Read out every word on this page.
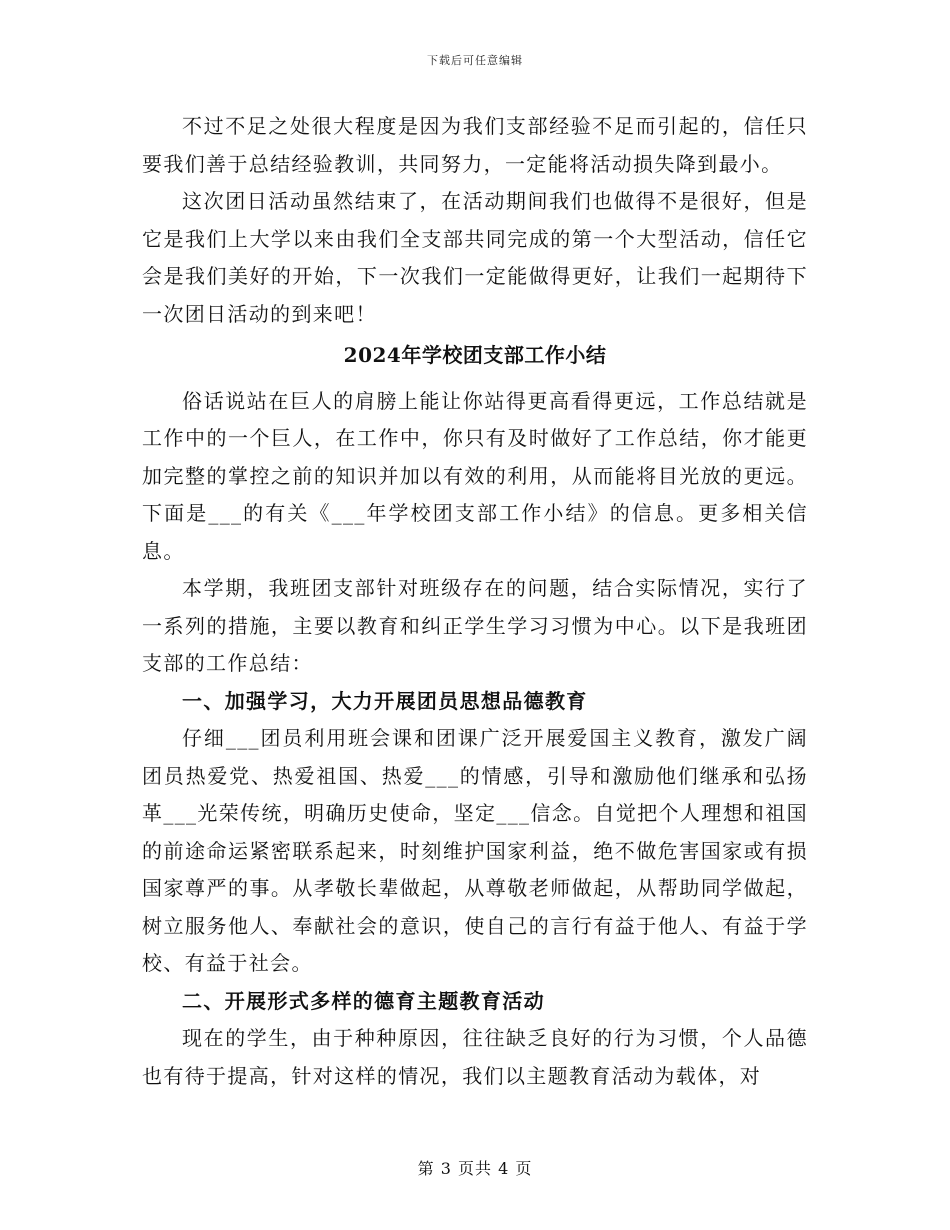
下载后可任意编辑

不过不足之处很大程度是因为我们支部经验不足而引起的，信任只要我们善于总结经验教训，共同努力，一定能将活动损失降到最小。

这次团日活动虽然结束了，在活动期间我们也做得不是很好，但是它是我们上大学以来由我们全支部共同完成的第一个大型活动，信任它会是我们美好的开始，下一次我们一定能做得更好，让我们一起期待下一次团日活动的到来吧！

2024年学校团支部工作小结

俗话说站在巨人的肩膀上能让你站得更高看得更远，工作总结就是工作中的一个巨人，在工作中，你只有及时做好了工作总结，你才能更加完整的掌控之前的知识并加以有效的利用，从而能将目光放的更远。下面是___的有关《___年学校团支部工作小结》的信息。更多相关信息。

本学期，我班团支部针对班级存在的问题，结合实际情况，实行了一系列的措施，主要以教育和纠正学生学习习惯为中心。以下是我班团支部的工作总结：

一、加强学习，大力开展团员思想品德教育

仔细___团员利用班会课和团课广泛开展爱国主义教育，激发广阔团员热爱党、热爱祖国、热爱___的情感，引导和激励他们继承和弘扬革___光荣传统，明确历史使命，坚定___信念。自觉把个人理想和祖国的前途命运紧密联系起来，时刻维护国家利益，绝不做危害国家或有损国家尊严的事。从孝敬长辈做起，从尊敬老师做起，从帮助同学做起，树立服务他人、奉献社会的意识，使自己的言行有益于他人、有益于学校、有益于社会。

二、开展形式多样的德育主题教育活动

现在的学生，由于种种原因，往往缺乏良好的行为习惯，个人品德也有待于提高，针对这样的情况，我们以主题教育活动为载体，对

第 3 页共 4 页
